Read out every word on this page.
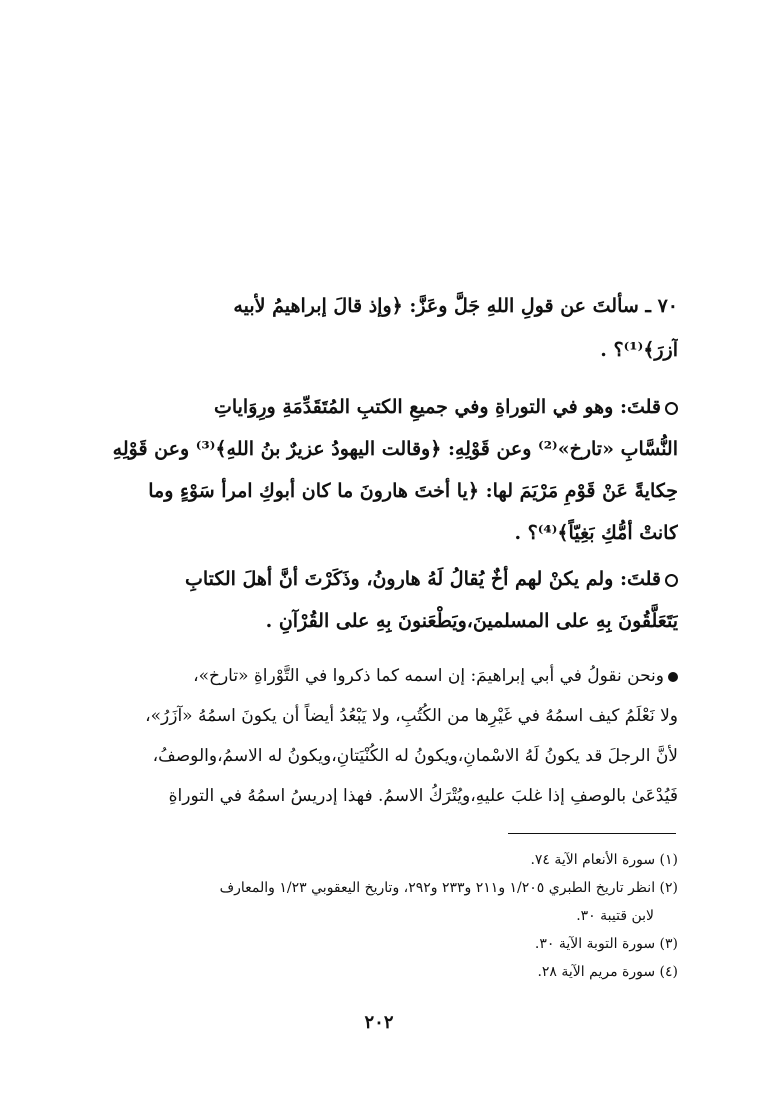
٧٠ ـ سألتَ عن قولِ اللهِ جَلَّ وعَزَّ: ﴿وإذ قالَ إبراهيمُ لأبيه
آزرَ﴾⁽¹⁾؟ .
قلتَ: وهو في التوراةِ وفي جميعِ الكتبِ المُتَقَدِّمَةِ ورِوَاياتِ
النُّسَّابِ «تارخ»⁽²⁾ وعن قَوْلِهِ: ﴿وقالت اليهودُ عزيرٌ بنُ اللهِ﴾⁽³⁾ وعن قَوْلِهِ
حِكايةً عَنْ قَوْمِ مَرْيَمَ لها: ﴿يا أختَ هارونَ ما كان أبوكِ امرأ سَوْءٍ وما
كانتْ أمُّكِ بَغِيّاً﴾⁽⁴⁾؟ .
قلتَ: ولم يكنْ لهم أخٌ يُقالُ لَهُ هارونُ، وذَكَرْتَ أنَّ أهلَ الكتابِ
يَتَعَلَّقُونَ بِهِ على المسلمينَ،ويَطْعَنونَ بِهِ على القُرْآنِ .
ونحن نقولُ في أبي إبراهيمَ: إن اسمه كما ذكروا في التَّوْراةِ «تارخ»،
ولا نَعْلَمُ كيف اسمُهُ في غَيْرِها من الكُتُبِ، ولا يَبْعُدُ أيضاً أن يكونَ اسمُهُ «آزَرُ»،
لأنَّ الرجلَ قد يكونُ لَهُ الاسْمانِ،ويكونُ له الكُنْيَتانِ،ويكونُ له الاسمُ،والوصفُ،
فَيُدْعَىٰ بالوصفِ إذا غلبَ عليهِ،ويُتْرَكُ الاسمُ. فهذا إدريسُ اسمُهُ في التوراةِ
(١) سورة الأنعام الآية ٧٤.
(٢) انظر تاريخ الطبري ١/٢٠٥ و٢١١ و٢٣٣ و٢٩٢، وتاريخ اليعقوبي ١/٢٣ والمعارف
لابن قتيبة ٣٠.
(٣) سورة التوبة الآية ٣٠.
(٤) سورة مريم الآية ٢٨.
٢٠٢
